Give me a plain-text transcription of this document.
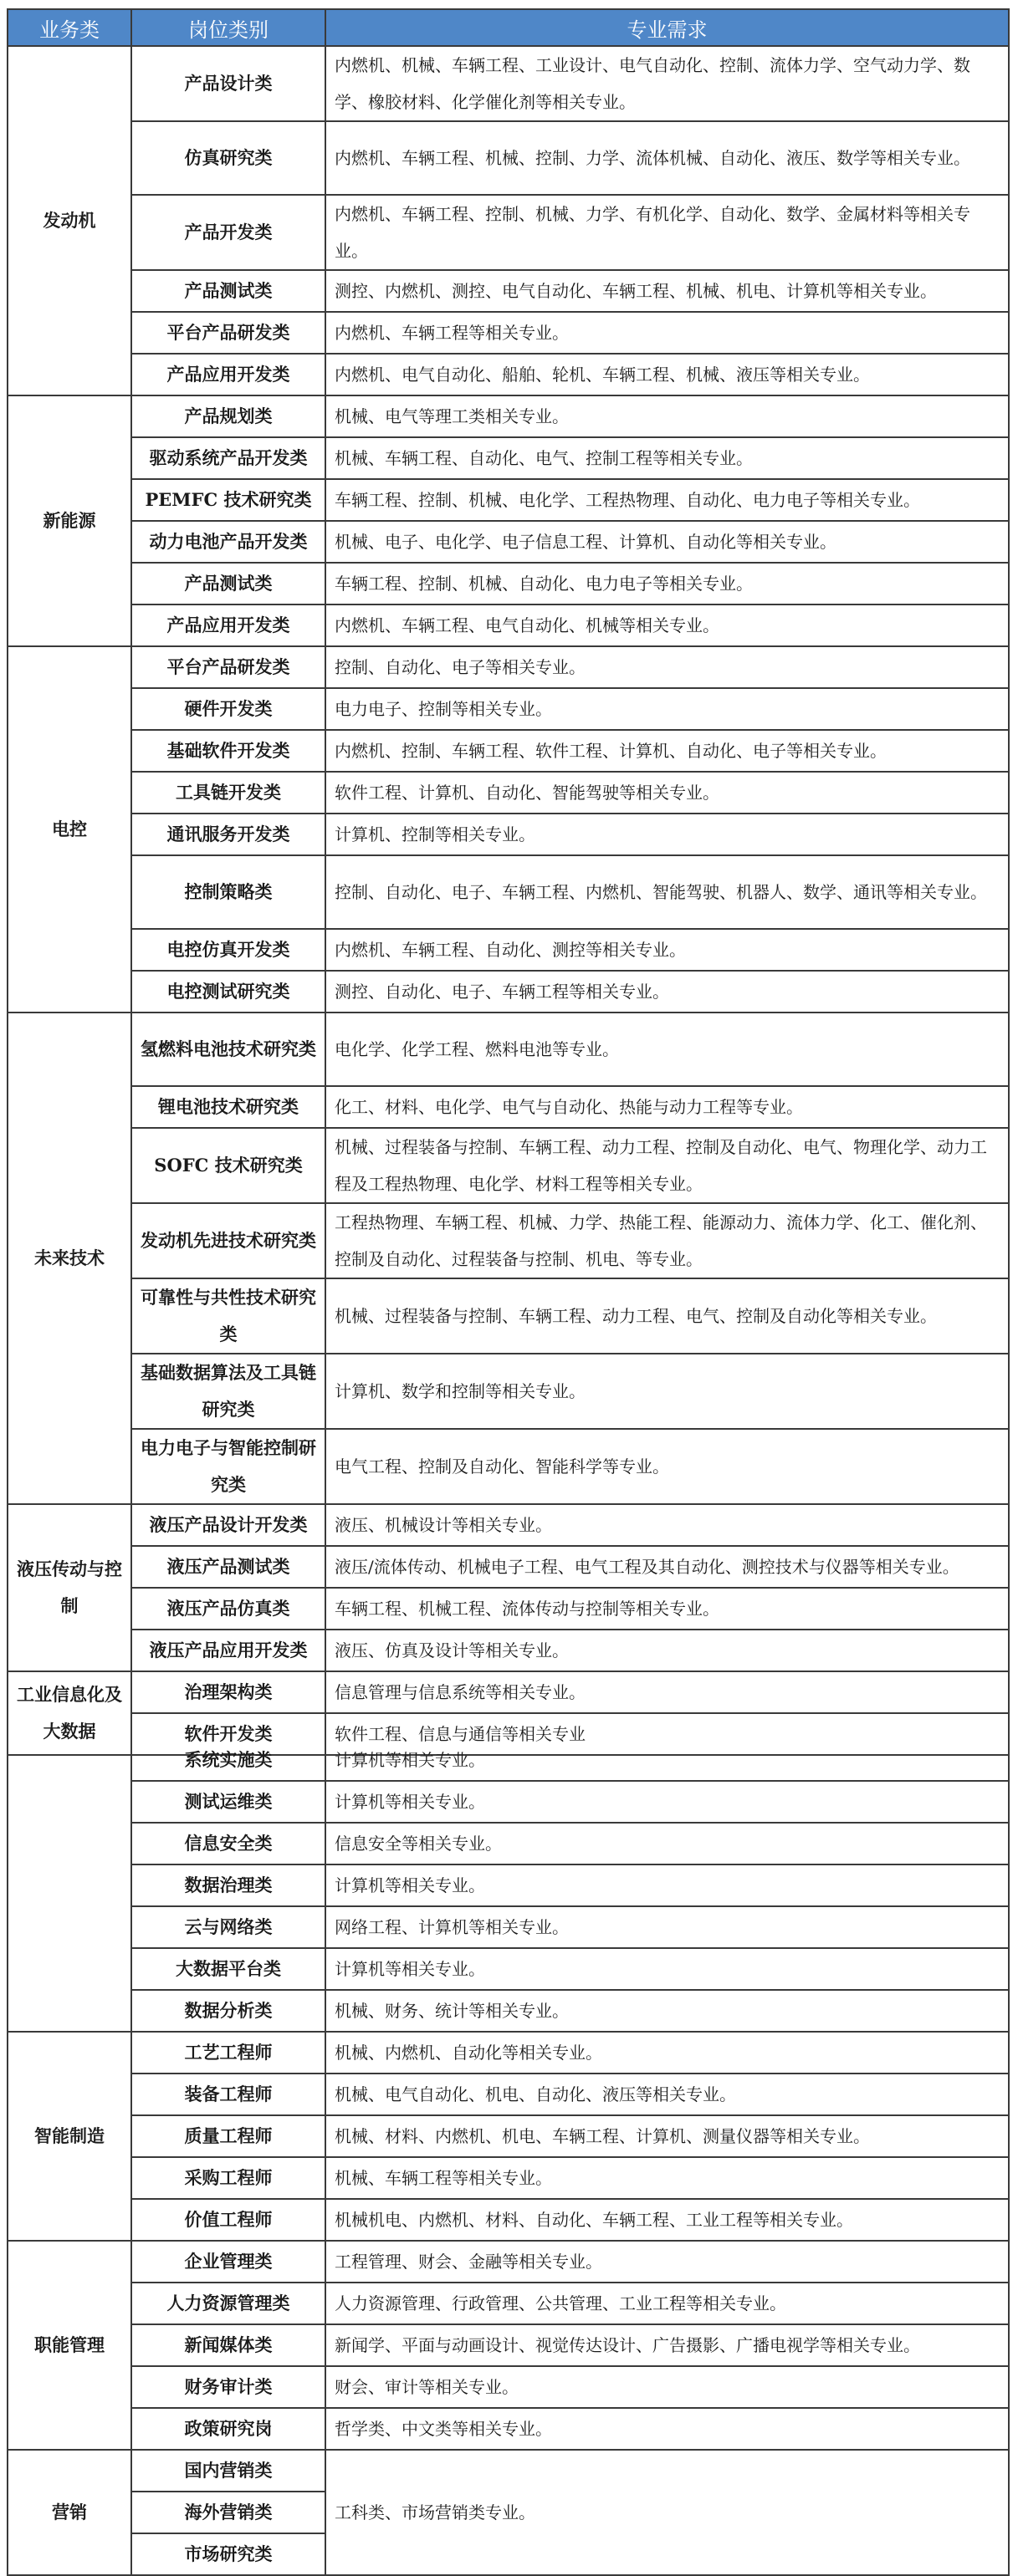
业务类	岗位类别	专业需求
发动机	产品设计类	内燃机、机械、车辆工程、工业设计、电气自动化、控制、流体力学、空气动力学、数学、橡胶材料、化学催化剂等相关专业。
	仿真研究类	内燃机、车辆工程、机械、控制、力学、流体机械、自动化、液压、数学等相关专业。
	产品开发类	内燃机、车辆工程、控制、机械、力学、有机化学、自动化、数学、金属材料等相关专业。
	产品测试类	测控、内燃机、测控、电气自动化、车辆工程、机械、机电、计算机等相关专业。
	平台产品研发类	内燃机、车辆工程等相关专业。
	产品应用开发类	内燃机、电气自动化、船舶、轮机、车辆工程、机械、液压等相关专业。
新能源	产品规划类	机械、电气等理工类相关专业。
	驱动系统产品开发类	机械、车辆工程、自动化、电气、控制工程等相关专业。
	PEMFC 技术研究类	车辆工程、控制、机械、电化学、工程热物理、自动化、电力电子等相关专业。
	动力电池产品开发类	机械、电子、电化学、电子信息工程、计算机、自动化等相关专业。
	产品测试类	车辆工程、控制、机械、自动化、电力电子等相关专业。
	产品应用开发类	内燃机、车辆工程、电气自动化、机械等相关专业。
电控	平台产品研发类	控制、自动化、电子等相关专业。
	硬件开发类	电力电子、控制等相关专业。
	基础软件开发类	内燃机、控制、车辆工程、软件工程、计算机、自动化、电子等相关专业。
	工具链开发类	软件工程、计算机、自动化、智能驾驶等相关专业。
	通讯服务开发类	计算机、控制等相关专业。
	控制策略类	控制、自动化、电子、车辆工程、内燃机、智能驾驶、机器人、数学、通讯等相关专业。
	电控仿真开发类	内燃机、车辆工程、自动化、测控等相关专业。
	电控测试研究类	测控、自动化、电子、车辆工程等相关专业。
未来技术	氢燃料电池技术研究类	电化学、化学工程、燃料电池等专业。
	锂电池技术研究类	化工、材料、电化学、电气与自动化、热能与动力工程等专业。
	SOFC 技术研究类	机械、过程装备与控制、车辆工程、动力工程、控制及自动化、电气、物理化学、动力工程及工程热物理、电化学、材料工程等相关专业。
	发动机先进技术研究类	工程热物理、车辆工程、机械、力学、热能工程、能源动力、流体力学、化工、催化剂、控制及自动化、过程装备与控制、机电、等专业。
	可靠性与共性技术研究类	机械、过程装备与控制、车辆工程、动力工程、电气、控制及自动化等相关专业。
	基础数据算法及工具链研究类	计算机、数学和控制等相关专业。
	电力电子与智能控制研究类	电气工程、控制及自动化、智能科学等专业。
液压传动与控制	液压产品设计开发类	液压、机械设计等相关专业。
	液压产品测试类	液压/流体传动、机械电子工程、电气工程及其自动化、测控技术与仪器等相关专业。
	液压产品仿真类	车辆工程、机械工程、流体传动与控制等相关专业。
	液压产品应用开发类	液压、仿真及设计等相关专业。
工业信息化及大数据	治理架构类	信息管理与信息系统等相关专业。
	软件开发类	软件工程、信息与通信等相关专业
	系统实施类	计算机等相关专业。
	测试运维类	计算机等相关专业。
	信息安全类	信息安全等相关专业。
	数据治理类	计算机等相关专业。
	云与网络类	网络工程、计算机等相关专业。
	大数据平台类	计算机等相关专业。
	数据分析类	机械、财务、统计等相关专业。
智能制造	工艺工程师	机械、内燃机、自动化等相关专业。
	装备工程师	机械、电气自动化、机电、自动化、液压等相关专业。
	质量工程师	机械、材料、内燃机、机电、车辆工程、计算机、测量仪器等相关专业。
	采购工程师	机械、车辆工程等相关专业。
	价值工程师	机械机电、内燃机、材料、自动化、车辆工程、工业工程等相关专业。
职能管理	企业管理类	工程管理、财会、金融等相关专业。
	人力资源管理类	人力资源管理、行政管理、公共管理、工业工程等相关专业。
	新闻媒体类	新闻学、平面与动画设计、视觉传达设计、广告摄影、广播电视学等相关专业。
	财务审计类	财会、审计等相关专业。
	政策研究岗	哲学类、中文类等相关专业。
营销	国内营销类	工科类、市场营销类专业。
	海外营销类	
	市场研究类	
